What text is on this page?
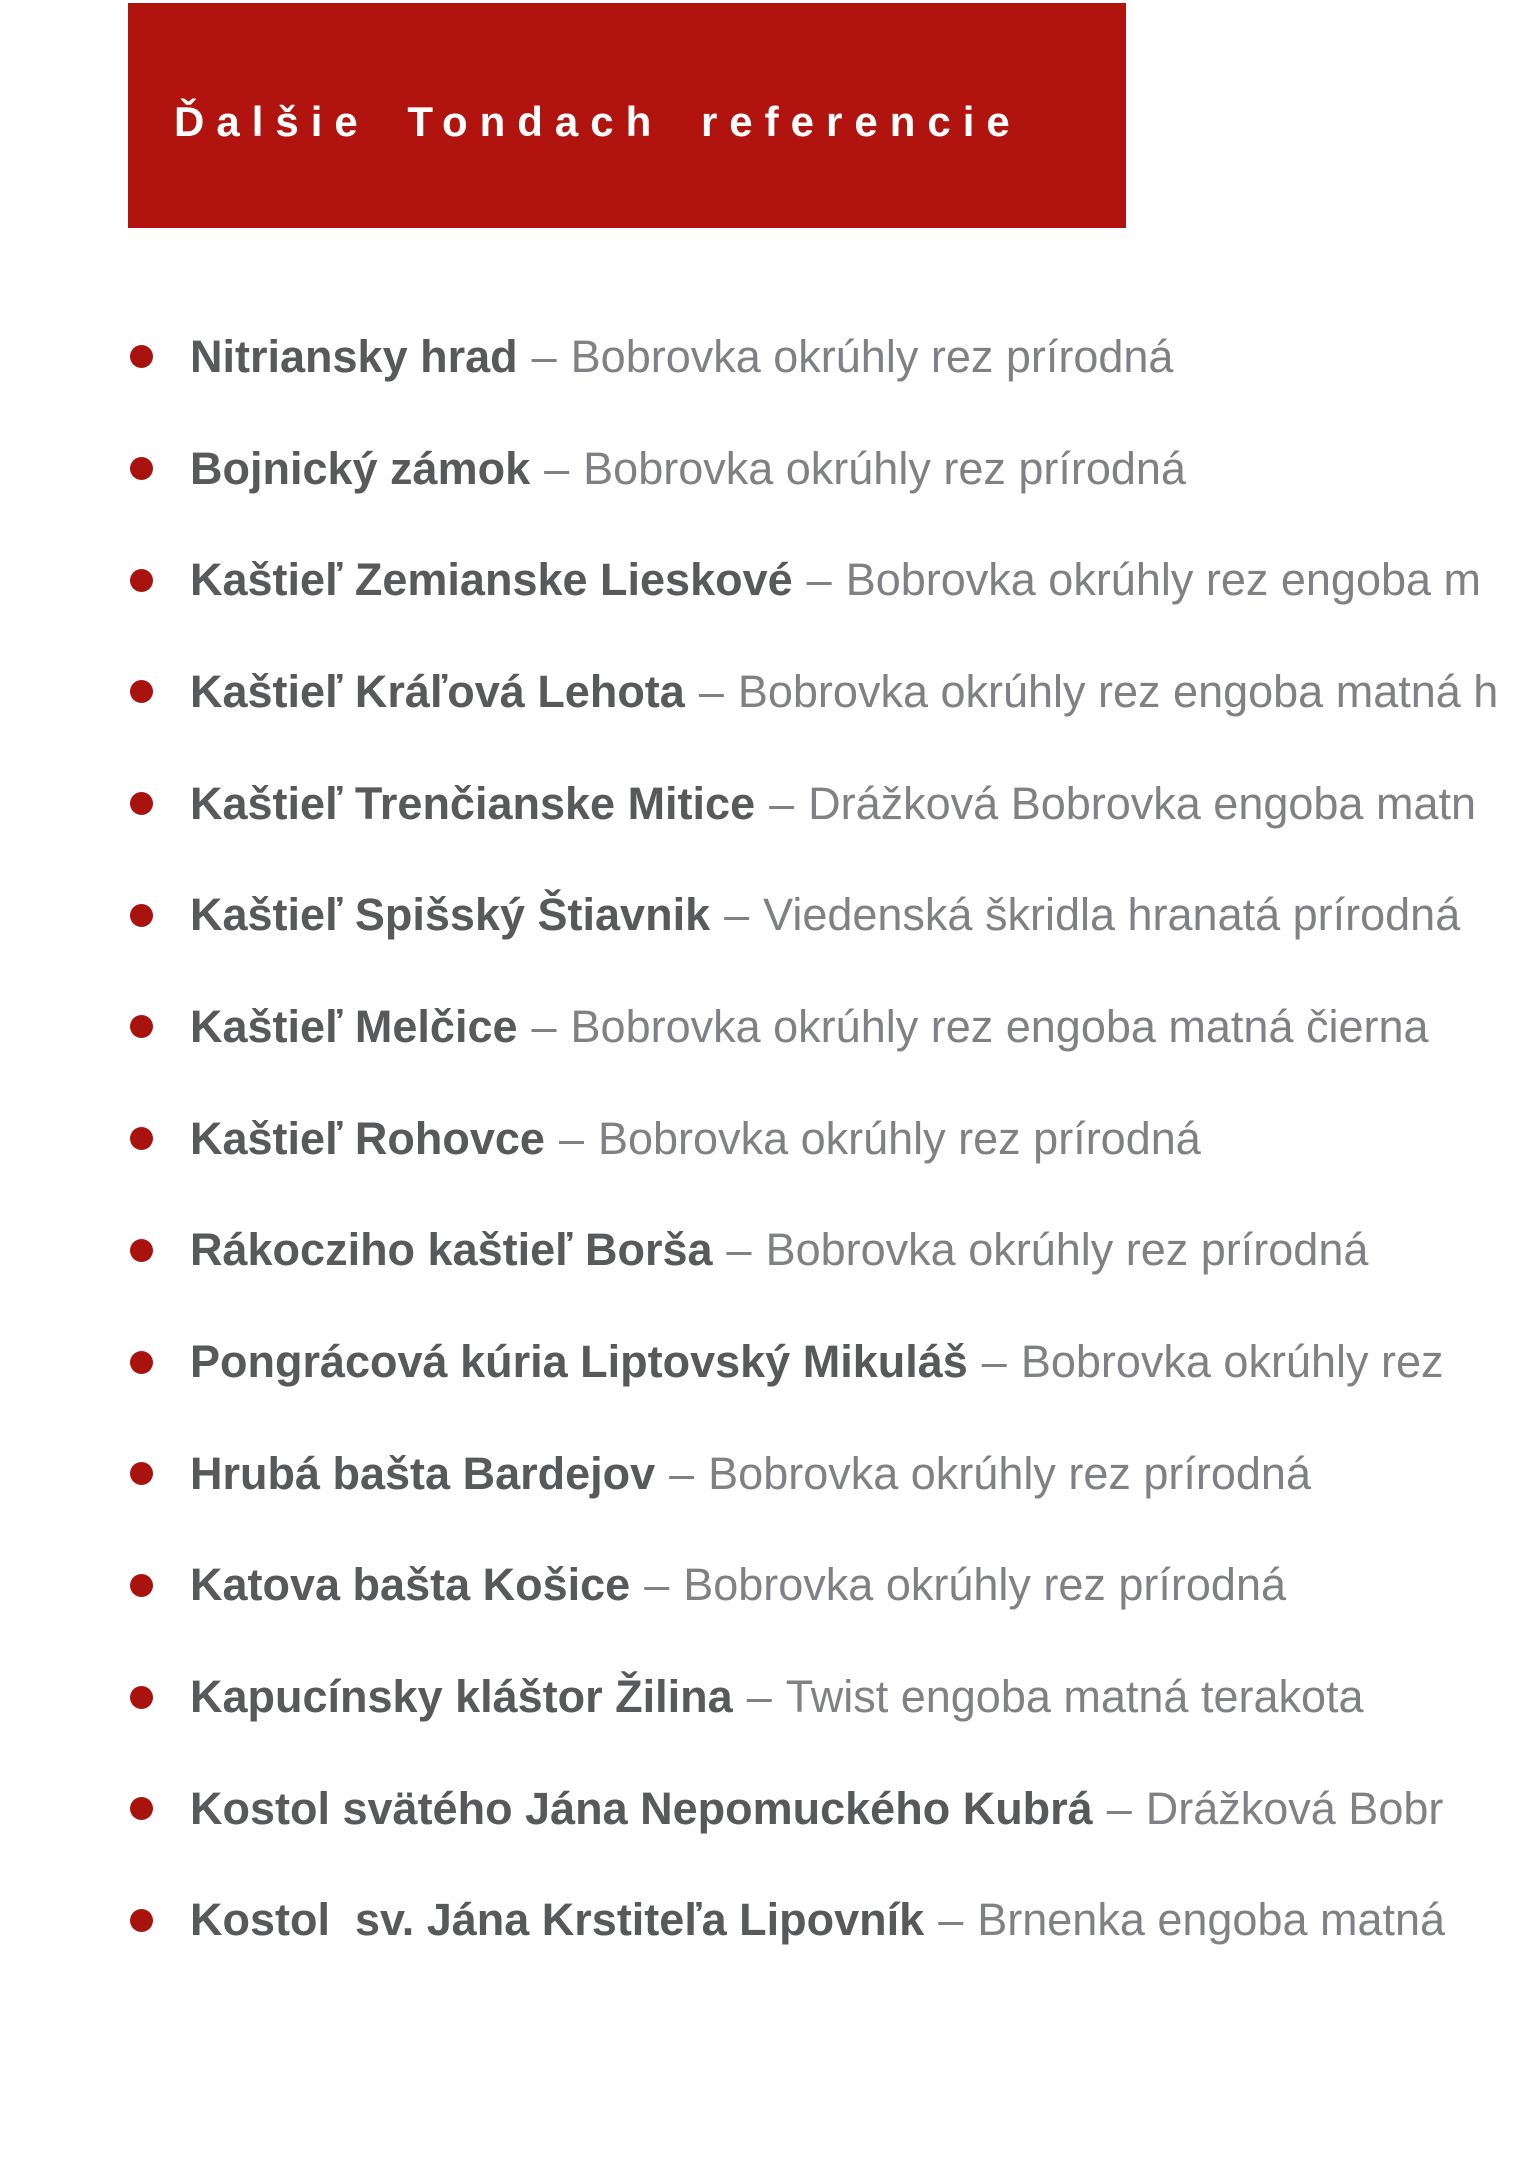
Ďalšie Tondach referencie
Nitriansky hrad – Bobrovka okrúhly rez prírodná
Bojnický zámok – Bobrovka okrúhly rez prírodná
Kaštieľ Zemianske Lieskové – Bobrovka okrúhly rez engoba m
Kaštieľ Kráľová Lehota – Bobrovka okrúhly rez engoba matná h
Kaštieľ Trenčianske Mitice – Drážková Bobrovka engoba matn
Kaštieľ Spišský Štiavnik – Viedenská škridla hranatá prírodná
Kaštieľ Melčice – Bobrovka okrúhly rez engoba matná čierna
Kaštieľ Rohovce – Bobrovka okrúhly rez prírodná
Rákocziho kaštieľ Borša – Bobrovka okrúhly rez prírodná
Pongrácová kúria Liptovský Mikuláš – Bobrovka okrúhly rez
Hrubá bašta Bardejov – Bobrovka okrúhly rez prírodná
Katova bašta Košice – Bobrovka okrúhly rez prírodná
Kapucínsky kláštor Žilina – Twist engoba matná terakota
Kostol svätého Jána Nepomuckého Kubrá – Drážková Bobr
Kostol  sv. Jána Krstiteľa Lipovník – Brnenka engoba matná
